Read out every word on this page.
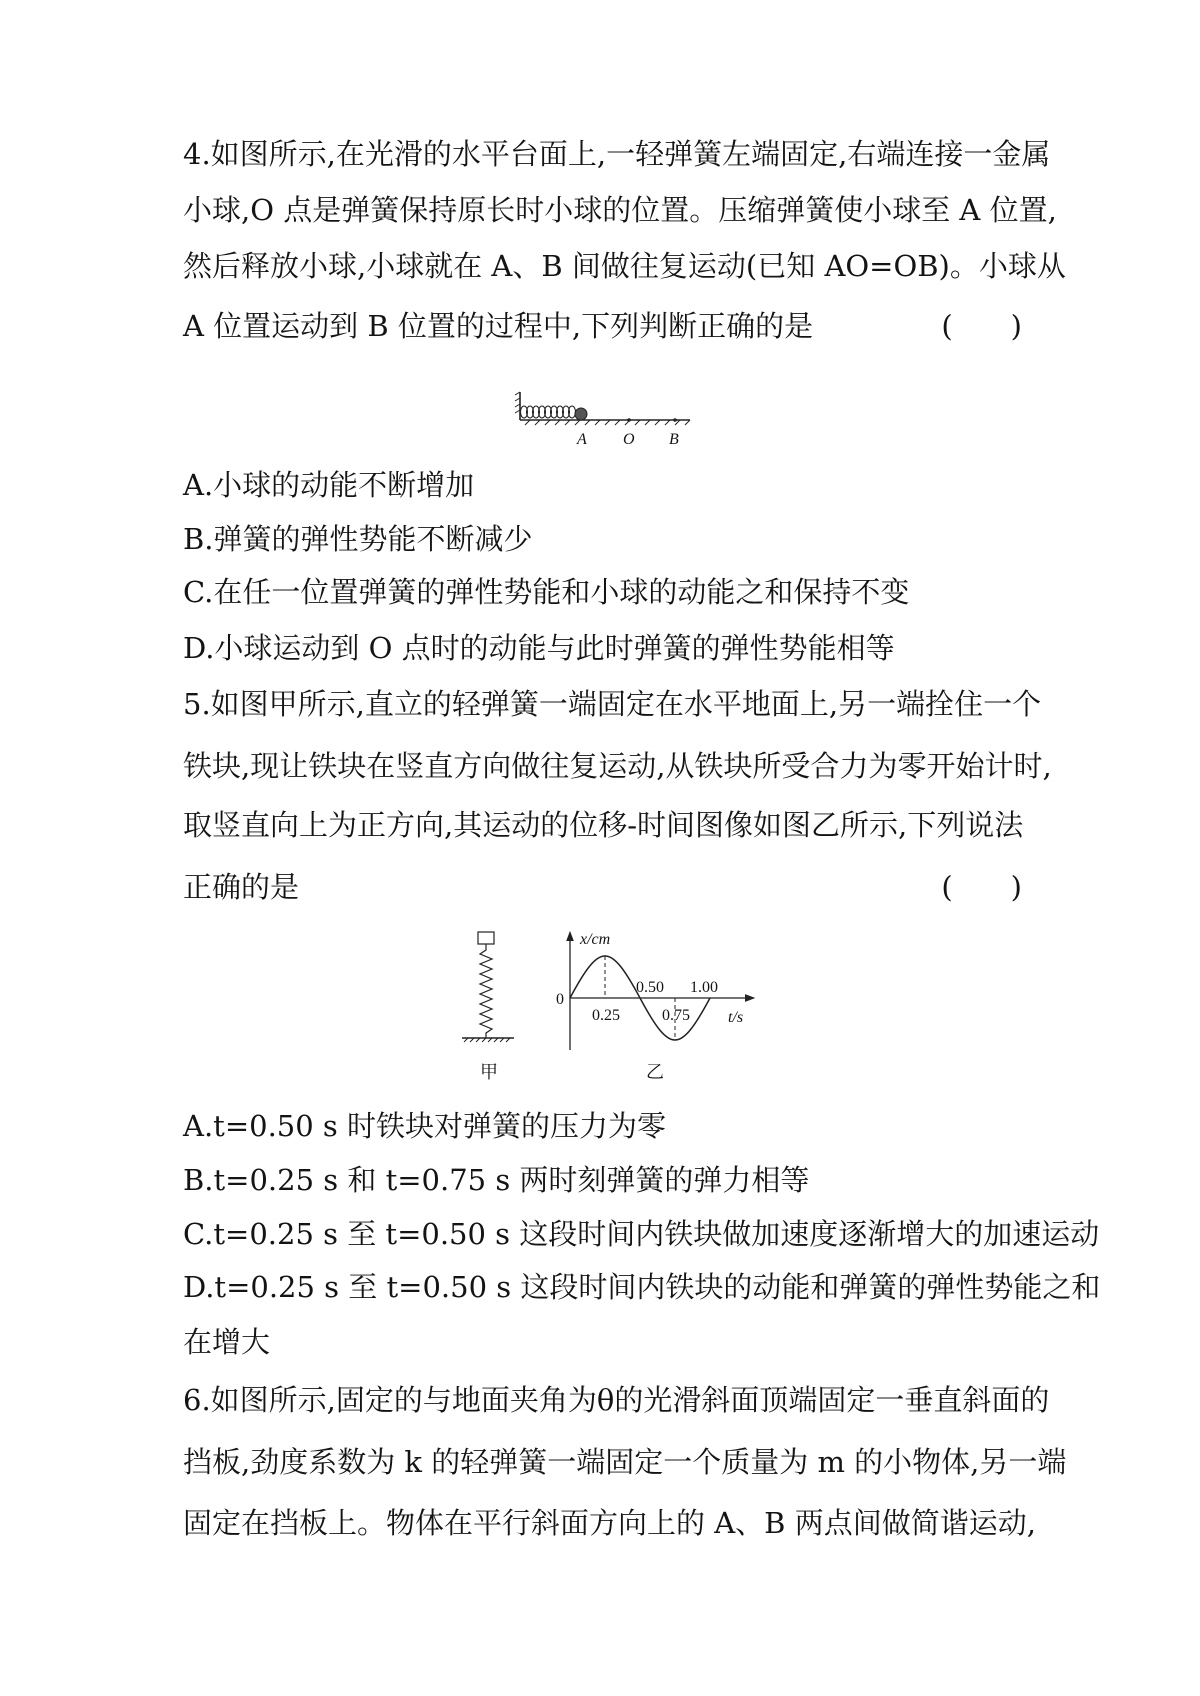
4.如图所示,在光滑的水平台面上,一轻弹簧左端固定,右端连接一金属
小球,O 点是弹簧保持原长时小球的位置。压缩弹簧使小球至 A 位置,
然后释放小球,小球就在 A、B 间做往复运动(已知 AO=OB)。小球从
A 位置运动到 B 位置的过程中,下列判断正确的是	(　　)
A O B
A.小球的动能不断增加
B.弹簧的弹性势能不断减少
C.在任一位置弹簧的弹性势能和小球的动能之和保持不变
D.小球运动到 O 点时的动能与此时弹簧的弹性势能相等
5.如图甲所示,直立的轻弹簧一端固定在水平地面上,另一端拴住一个
铁块,现让铁块在竖直方向做往复运动,从铁块所受合力为零开始计时,
取竖直向上为正方向,其运动的位移-时间图像如图乙所示,下列说法
正确的是	(　　)
甲
x/cm
t/s
0
0.25
0.50
0.75
1.00
乙
A.t=0.50 s 时铁块对弹簧的压力为零
B.t=0.25 s 和 t=0.75 s 两时刻弹簧的弹力相等
C.t=0.25 s 至 t=0.50 s 这段时间内铁块做加速度逐渐增大的加速运动
D.t=0.25 s 至 t=0.50 s 这段时间内铁块的动能和弹簧的弹性势能之和
在增大
6.如图所示,固定的与地面夹角为θ的光滑斜面顶端固定一垂直斜面的
挡板,劲度系数为 k 的轻弹簧一端固定一个质量为 m 的小物体,另一端
固定在挡板上。物体在平行斜面方向上的 A、B 两点间做简谐运动,
